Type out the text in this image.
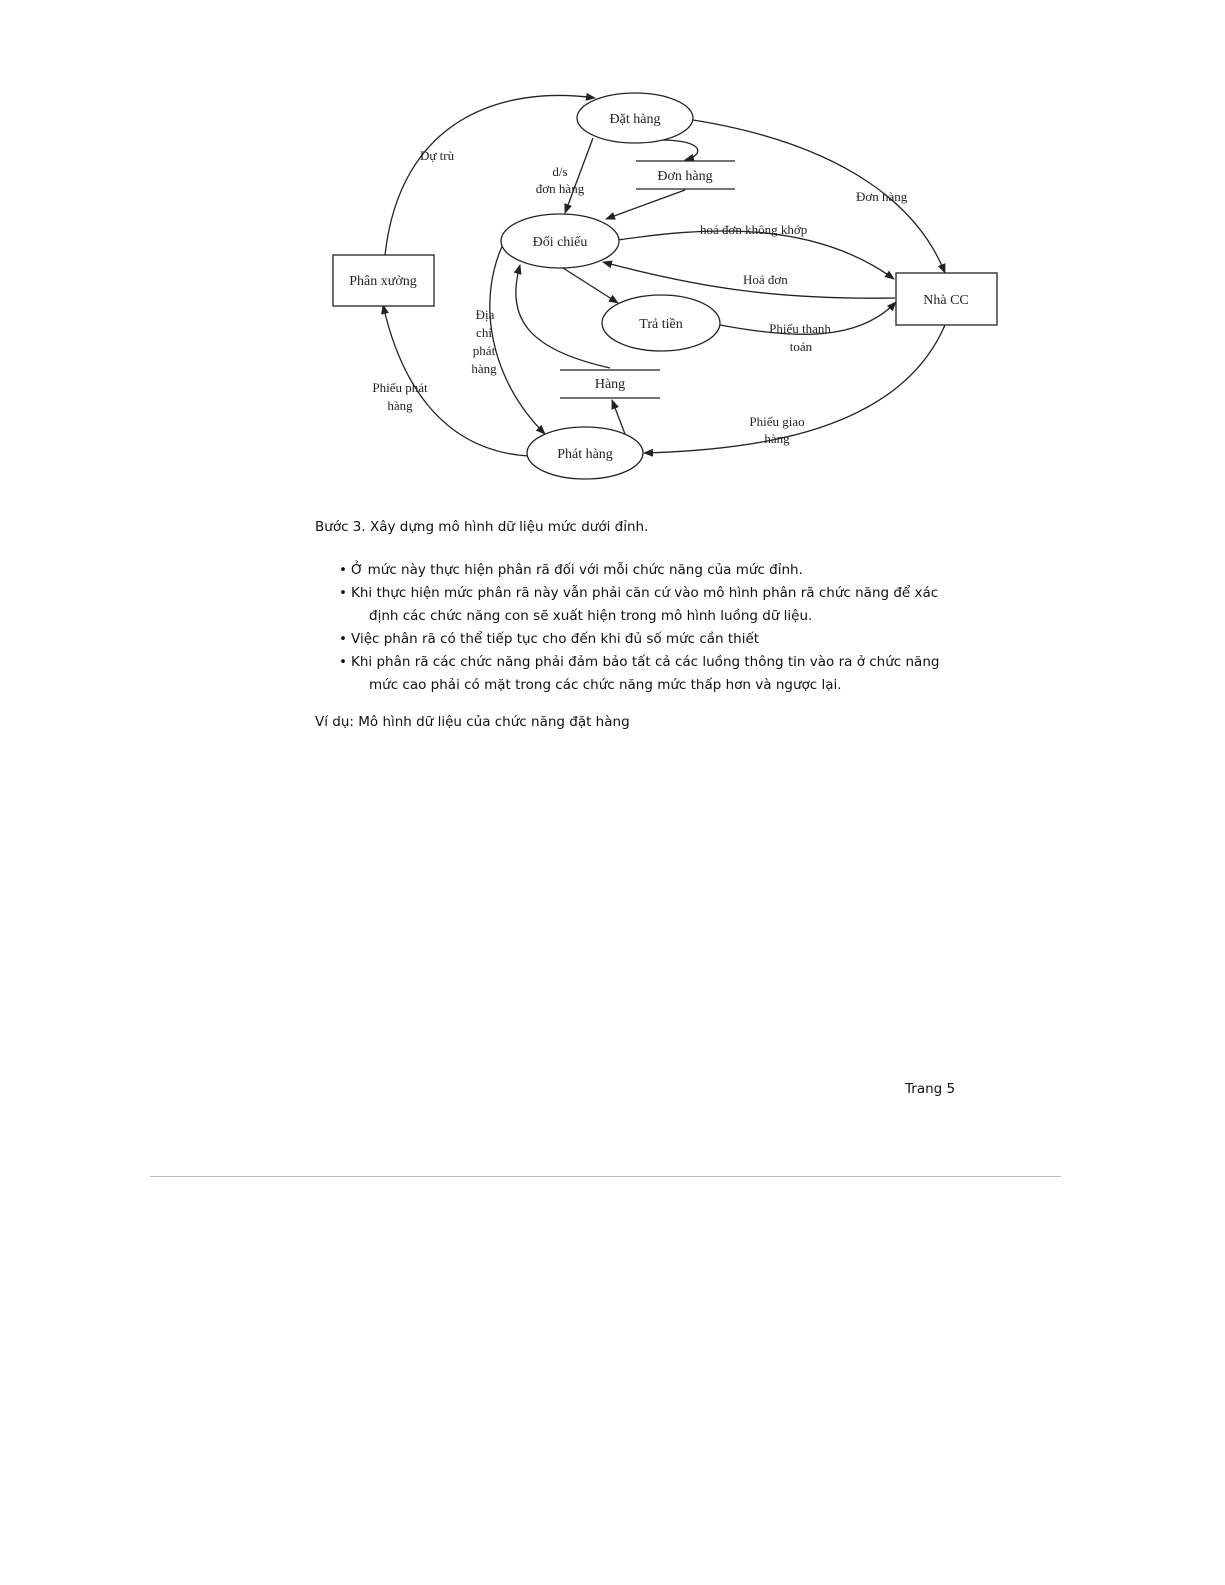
Đặt hàng
Đối chiếu
Trả tiền
Phát hàng
Phân xưởng
Nhà CC
Đơn hàng
Hàng
Dự trù
d/s
đơn hàng
Đơn hàng
hoá đơn không khớp
Hoá đơn
Phiếu thanh
toán
Địa
chỉ
phát
hàng
Phiếu phát
hàng
Phiếu giao
hàng
Bước 3. Xây dựng mô hình dữ liệu mức dưới đỉnh.
• Ở mức này thực hiện phân rã đối với mỗi chức năng của mức đỉnh.
• Khi thực hiện mức phân rã này vẫn phải căn cứ vào mô hình phân rã chức năng để xác
định các chức năng con sẽ xuất hiện trong mô hình luồng dữ liệu.
• Việc phân rã có thể tiếp tục cho đến khi đủ số mức cần thiết
• Khi phân rã các chức năng phải đảm bảo tất cả các luồng thông tin vào ra ở chức năng
mức cao phải có mặt trong các chức năng mức thấp hơn và ngược lại.
Ví dụ: Mô hình dữ liệu của chức năng đặt hàng
Trang 5
